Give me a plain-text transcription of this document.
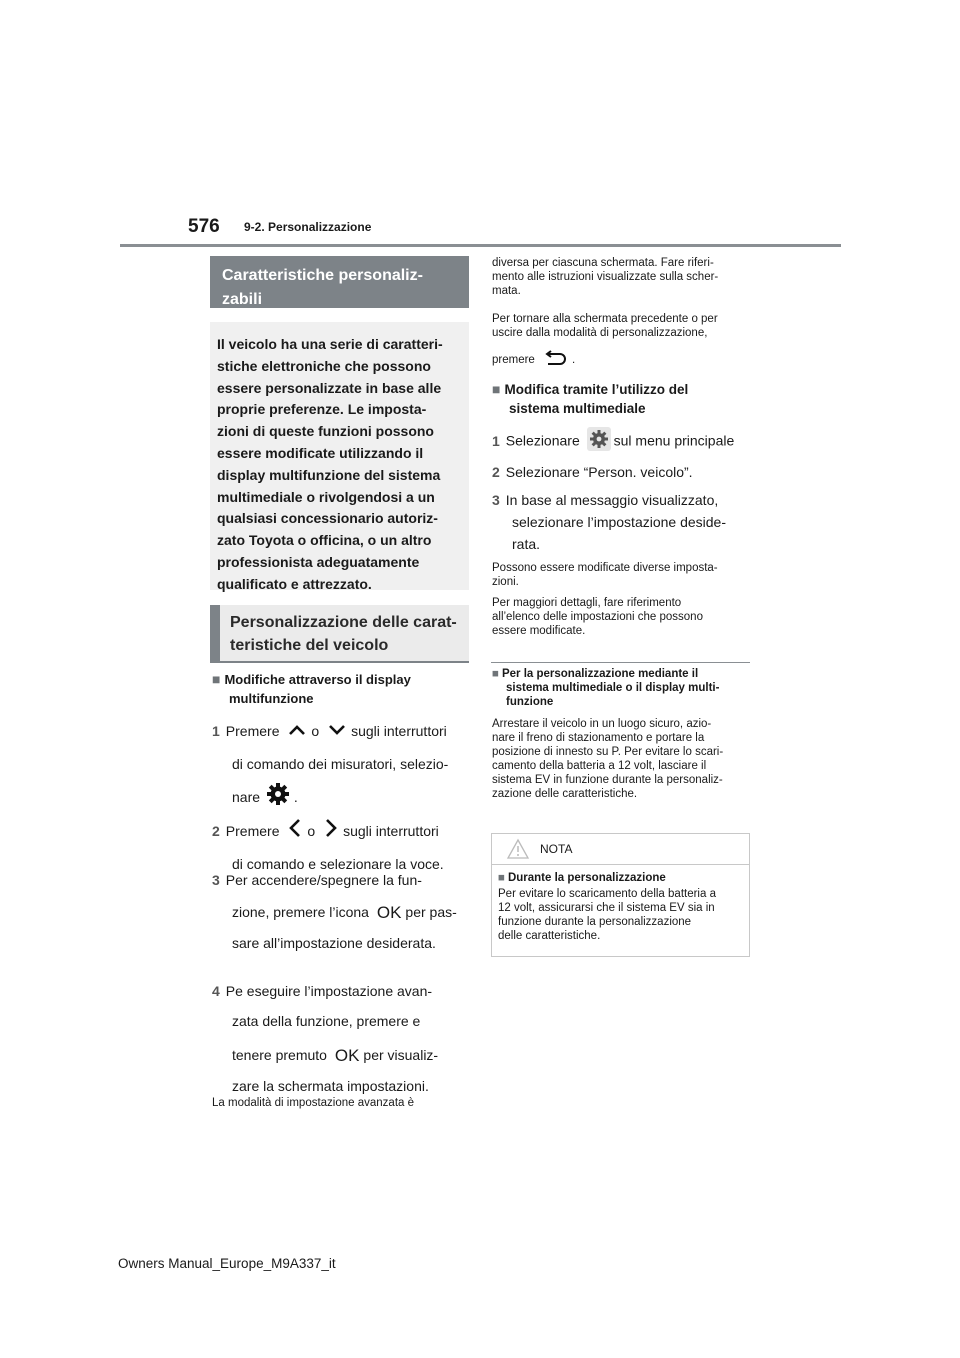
576 9-2. Personalizzazione
Caratteristiche personaliz-
zabili
Il veicolo ha una serie di caratteri-
stiche elettroniche che possono
essere personalizzate in base alle
proprie preferenze. Le imposta-
zioni di queste funzioni possono
essere modificate utilizzando il
display multifunzione del sistema
multimediale o rivolgendosi a un
qualsiasi concessionario autoriz-
zato Toyota o officina, o un altro
professionista adeguatamente
qualificato e attrezzato.
Personalizzazione delle carat-
teristiche del veicolo
■ Modifiche attraverso il display
multifunzione
1 Premere o sugli interruttori
di comando dei misuratori, selezio-
nare .
2 Premere o sugli interruttori
di comando e selezionare la voce.
3 Per accendere/spegnere la fun-
zione, premere l’icona OK per pas-
sare all’impostazione desiderata.
4 Pe eseguire l’impostazione avan-
zata della funzione, premere e
tenere premuto OK per visualiz-
zare la schermata impostazioni.
La modalità di impostazione avanzata è
diversa per ciascuna schermata. Fare riferi-
mento alle istruzioni visualizzate sulla scher-
mata.
Per tornare alla schermata precedente o per
uscire dalla modalità di personalizzazione,
premere	.
■ Modifica tramite l’utilizzo del
sistema multimediale
1 Selezionare sul menu principale
2 Selezionare “Person. veicolo”.
3 In base al messaggio visualizzato,
selezionare l’impostazione deside-
rata.
Possono essere modificate diverse imposta-
zioni.
Per maggiori dettagli, fare riferimento
all’elenco delle impostazioni che possono
essere modificate.
■ Per la personalizzazione mediante il
sistema multimediale o il display multi-
funzione
Arrestare il veicolo in un luogo sicuro, azio-
nare il freno di stazionamento e portare la
posizione di innesto su P. Per evitare lo scari-
camento della batteria a 12 volt, lasciare il
sistema EV in funzione durante la personaliz-
zazione delle caratteristiche.
NOTA
■ Durante la personalizzazione
Per evitare lo scaricamento della batteria a
12 volt, assicurarsi che il sistema EV sia in
funzione durante la personalizzazione
delle caratteristiche.
Owners Manual_Europe_M9A337_it
